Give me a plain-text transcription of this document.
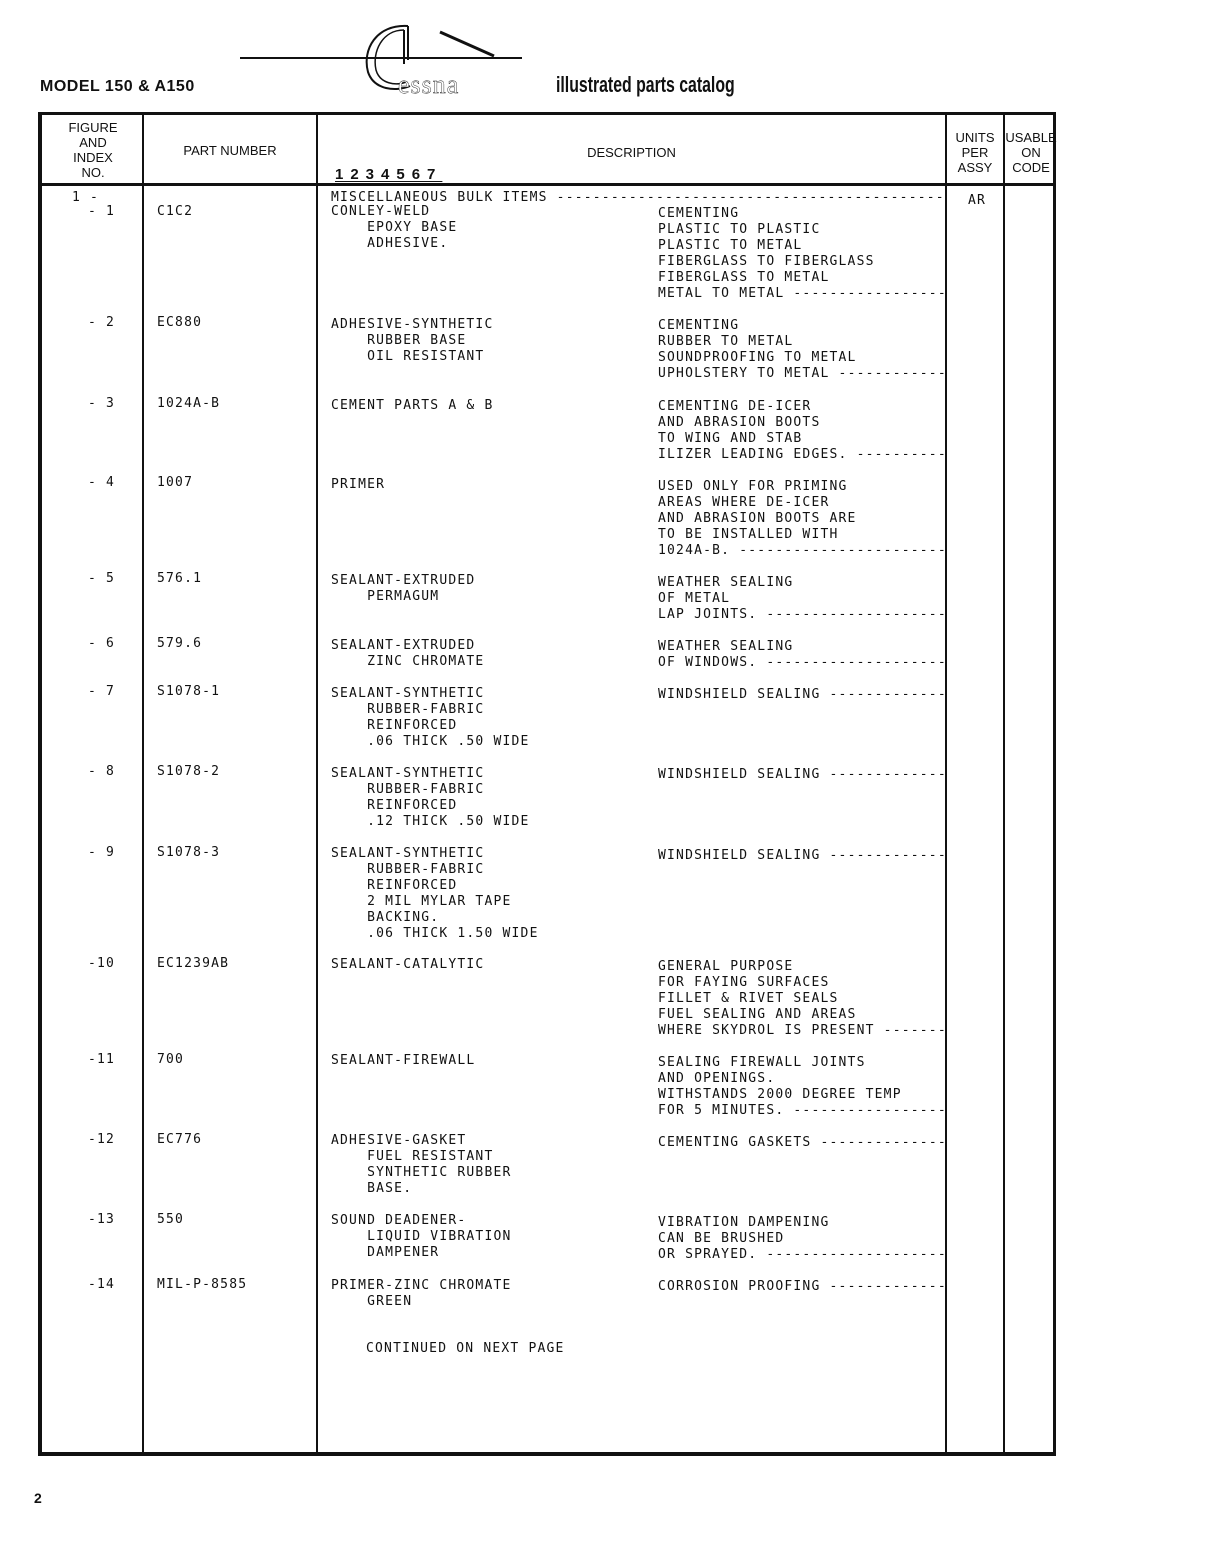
MODEL 150 & A150	essna	illustrated parts catalog
FIGURE
AND
INDEX
NO.
PART NUMBER	DESCRIPTION
1234567
UNITS
PER
ASSY
USABLE
ON
CODE
1 -	MISCELLANEOUS BULK ITEMS -----	AR
- 1	C1C2	CONLEY-WELD
EPOXY BASE
ADHESIVE.
CEMENTING
PLASTIC TO PLASTIC
PLASTIC TO METAL
FIBERGLASS TO FIBERGLASS
FIBERGLASS TO METAL
METAL TO METAL -----
- 2	EC880	ADHESIVE-SYNTHETIC
RUBBER BASE
OIL RESISTANT
CEMENTING
RUBBER TO METAL
SOUNDPROOFING TO METAL
UPHOLSTERY TO METAL -----
- 3	1024A-B	CEMENT PARTS A & B	CEMENTING DE-ICER
AND ABRASION BOOTS
TO WING AND STAB
ILIZER LEADING EDGES. -----
- 4	1007	PRIMER	USED ONLY FOR PRIMING
AREAS WHERE DE-ICER
AND ABRASION BOOTS ARE
TO BE INSTALLED WITH
1024A-B. -----
- 5	576.1	SEALANT-EXTRUDED
PERMAGUM
WEATHER SEALING
OF METAL
LAP JOINTS. -----
- 6	579.6	SEALANT-EXTRUDED
ZINC CHROMATE
WEATHER SEALING
OF WINDOWS. -----
- 7	S1078-1	SEALANT-SYNTHETIC
RUBBER-FABRIC
REINFORCED
.06 THICK .50 WIDE
WINDSHIELD SEALING -----
- 8	S1078-2	SEALANT-SYNTHETIC
RUBBER-FABRIC
REINFORCED
.12 THICK .50 WIDE
WINDSHIELD SEALING -----
- 9	S1078-3	SEALANT-SYNTHETIC
RUBBER-FABRIC
REINFORCED
2 MIL MYLAR TAPE
BACKING.
.06 THICK 1.50 WIDE
WINDSHIELD SEALING -----
-10	EC1239AB	SEALANT-CATALYTIC	GENERAL PURPOSE
FOR FAYING SURFACES
FILLET & RIVET SEALS
FUEL SEALING AND AREAS
WHERE SKYDROL IS PRESENT -----
-11	700	SEALANT-FIREWALL	SEALING FIREWALL JOINTS
AND OPENINGS.
WITHSTANDS 2000 DEGREE TEMP
FOR 5 MINUTES. -----
-12	EC776	ADHESIVE-GASKET
FUEL RESISTANT
SYNTHETIC RUBBER
BASE.
CEMENTING GASKETS -----
-13	550	SOUND DEADENER-
LIQUID VIBRATION
DAMPENER
VIBRATION DAMPENING
CAN BE BRUSHED
OR SPRAYED. -----
-14	MIL-P-8585	PRIMER-ZINC CHROMATE
GREEN
CORROSION PROOFING -----
CONTINUED ON NEXT PAGE
2
